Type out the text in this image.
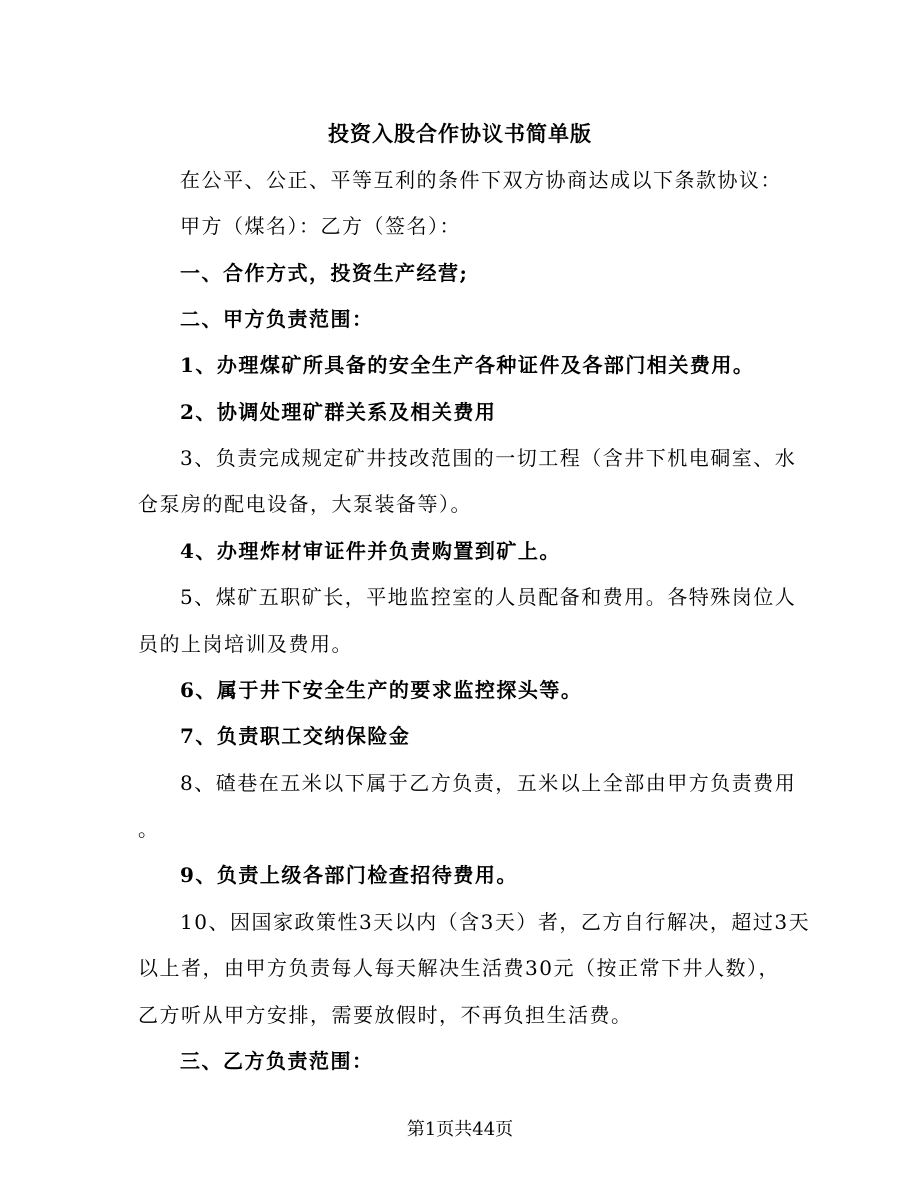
投资入股合作协议书简单版
在公平、公正、平等互利的条件下双方协商达成以下条款协议：
甲方（煤名）：乙方（签名）：
一、合作方式，投资生产经营;
二、甲方负责范围：
1、办理煤矿所具备的安全生产各种证件及各部门相关费用。
2、协调处理矿群关系及相关费用
3、负责完成规定矿井技改范围的一切工程（含井下机电硐室、水
仓泵房的配电设备，大泵装备等）。
4、办理炸材审证件并负责购置到矿上。
5、煤矿五职矿长，平地监控室的人员配备和费用。各特殊岗位人
员的上岗培训及费用。
6、属于井下安全生产的要求监控探头等。
7、负责职工交纳保险金
8、碴巷在五米以下属于乙方负责，五米以上全部由甲方负责费用
。
9、负责上级各部门检查招待费用。
10、因国家政策性3天以内（含3天）者，乙方自行解决，超过3天
以上者，由甲方负责每人每天解决生活费30元（按正常下井人数），
乙方听从甲方安排，需要放假时，不再负担生活费。
三、乙方负责范围：
第1页共44页
